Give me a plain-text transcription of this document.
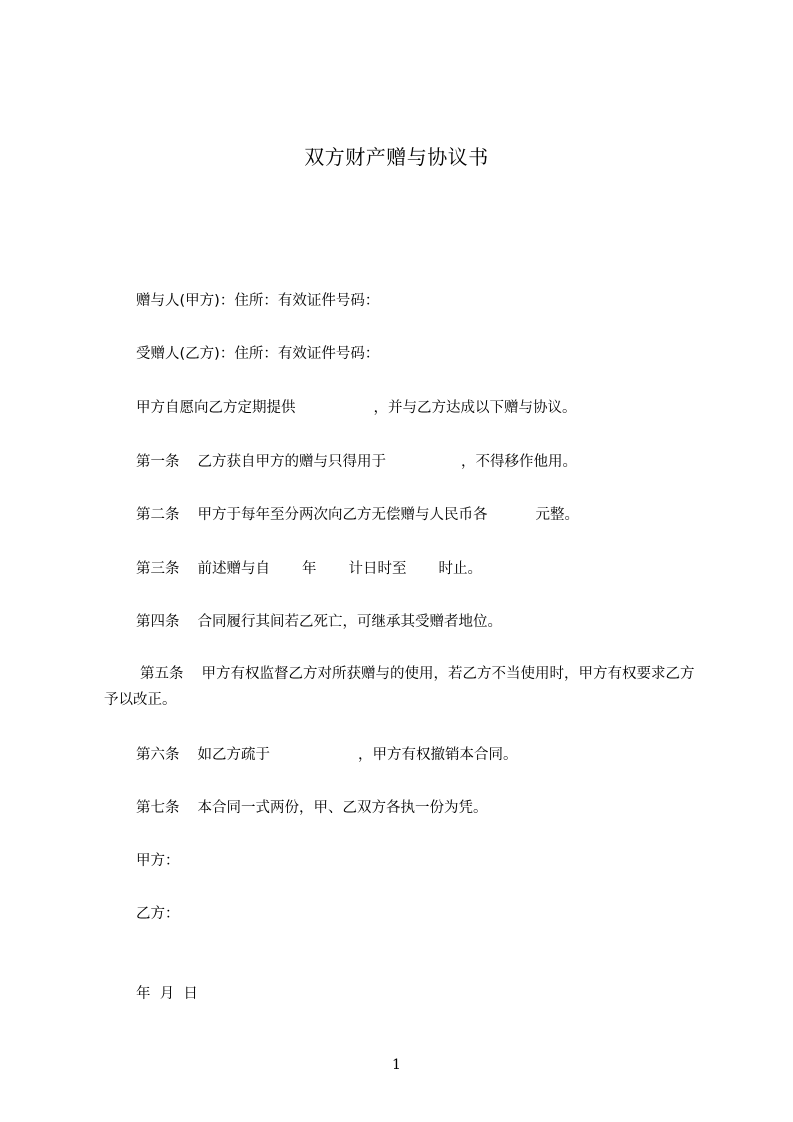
双方财产赠与协议书

赠与人(甲方)：住所：有效证件号码：

受赠人(乙方)：住所：有效证件号码：

甲方自愿向乙方定期提供	，并与乙方达成以下赠与协议。

第一条 乙方获自甲方的赠与只得用于	，不得移作他用。

第二条 甲方于每年至分两次向乙方无偿赠与人民币各	元整。

第三条 前述赠与自 年 计日时至 时止。

第四条 合同履行其间若乙死亡，可继承其受赠者地位。

第五条 甲方有权监督乙方对所获赠与的使用，若乙方不当使用时，甲方有权要求乙方予以改正。

第六条 如乙方疏于	，甲方有权撤销本合同。

第七条 本合同一式两份，甲、乙双方各执一份为凭。

甲方：

乙方：

年  月  日

1
